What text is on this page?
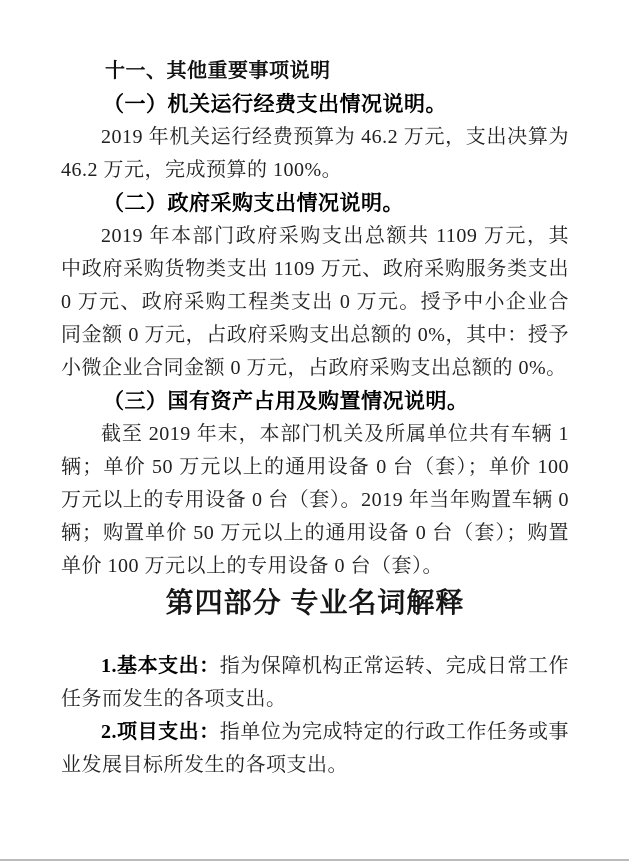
十一、其他重要事项说明
（一）机关运行经费支出情况说明。

2019 年机关运行经费预算为 46.2 万元，支出决算为 46.2 万元，完成预算的 100%。

（二）政府采购支出情况说明。

2019 年本部门政府采购支出总额共 1109 万元，其中政府采购货物类支出 1109 万元、政府采购服务类支出 0 万元、政府采购工程类支出 0 万元。授予中小企业合同金额 0 万元，占政府采购支出总额的 0%，其中：授予小微企业合同金额 0 万元，占政府采购支出总额的 0%。

（三）国有资产占用及购置情况说明。

截至 2019 年末，本部门机关及所属单位共有车辆 1 辆；单价 50 万元以上的通用设备 0 台（套）；单价 100 万元以上的专用设备 0 台（套）。2019 年当年购置车辆 0 辆；购置单价 50 万元以上的通用设备 0 台（套）；购置单价 100 万元以上的专用设备 0 台（套）。

第四部分 专业名词解释

1.基本支出：指为保障机构正常运转、完成日常工作任务而发生的各项支出。

2.项目支出：指单位为完成特定的行政工作任务或事业发展目标所发生的各项支出。
